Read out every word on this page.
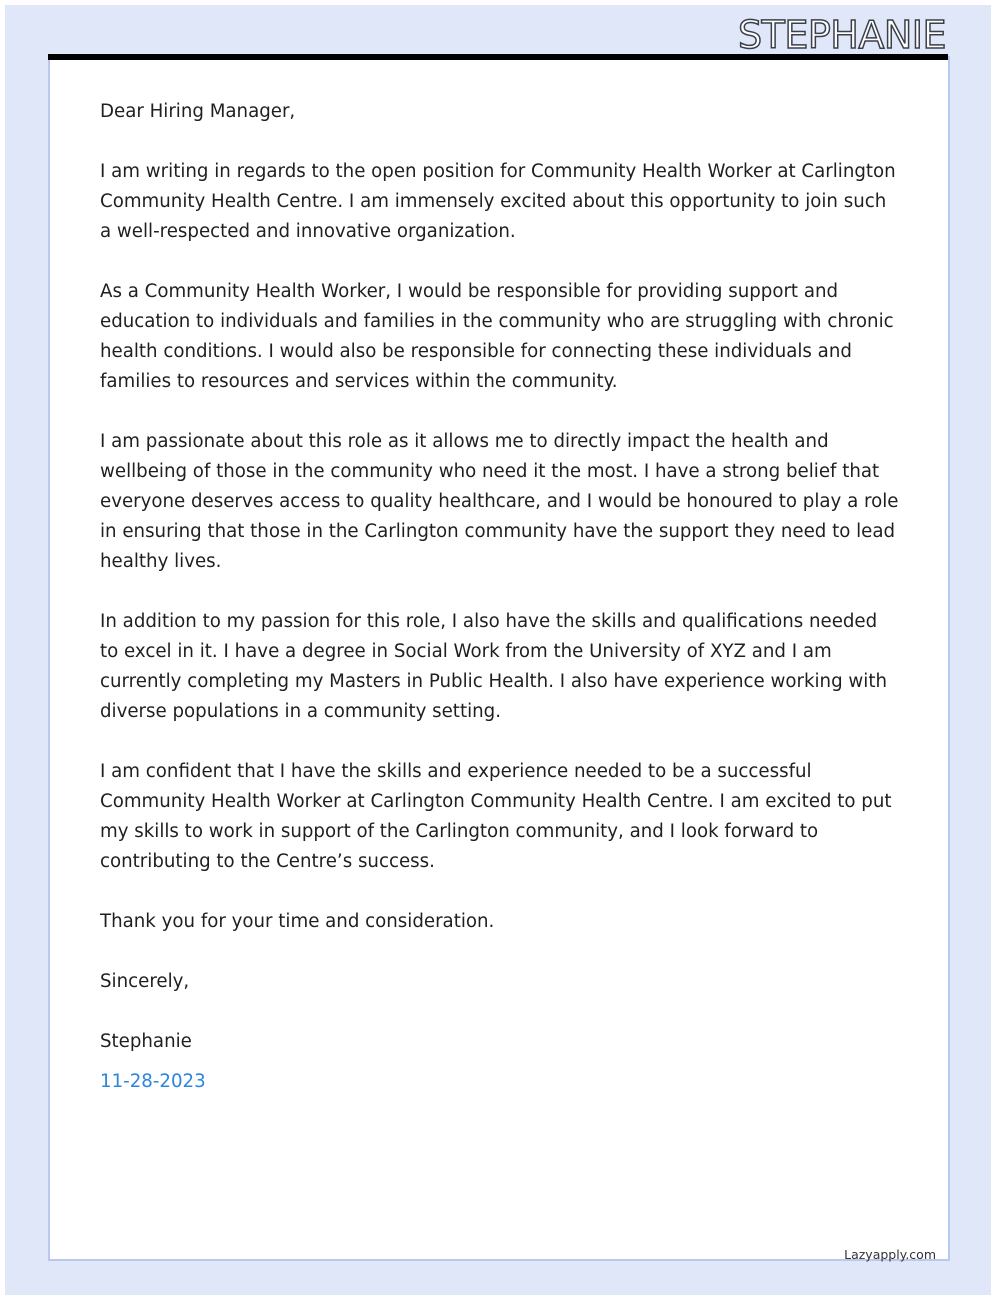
STEPHANIE

Dear Hiring Manager,

I am writing in regards to the open position for Community Health Worker at Carlington Community Health Centre. I am immensely excited about this opportunity to join such a well-respected and innovative organization.

As a Community Health Worker, I would be responsible for providing support and education to individuals and families in the community who are struggling with chronic health conditions. I would also be responsible for connecting these individuals and families to resources and services within the community.

I am passionate about this role as it allows me to directly impact the health and wellbeing of those in the community who need it the most. I have a strong belief that everyone deserves access to quality healthcare, and I would be honoured to play a role in ensuring that those in the Carlington community have the support they need to lead healthy lives.

In addition to my passion for this role, I also have the skills and qualifications needed to excel in it. I have a degree in Social Work from the University of XYZ and I am currently completing my Masters in Public Health. I also have experience working with diverse populations in a community setting.

I am confident that I have the skills and experience needed to be a successful Community Health Worker at Carlington Community Health Centre. I am excited to put my skills to work in support of the Carlington community, and I look forward to contributing to the Centre’s success.

Thank you for your time and consideration.

Sincerely,

Stephanie

11-28-2023

Lazyapply.com
